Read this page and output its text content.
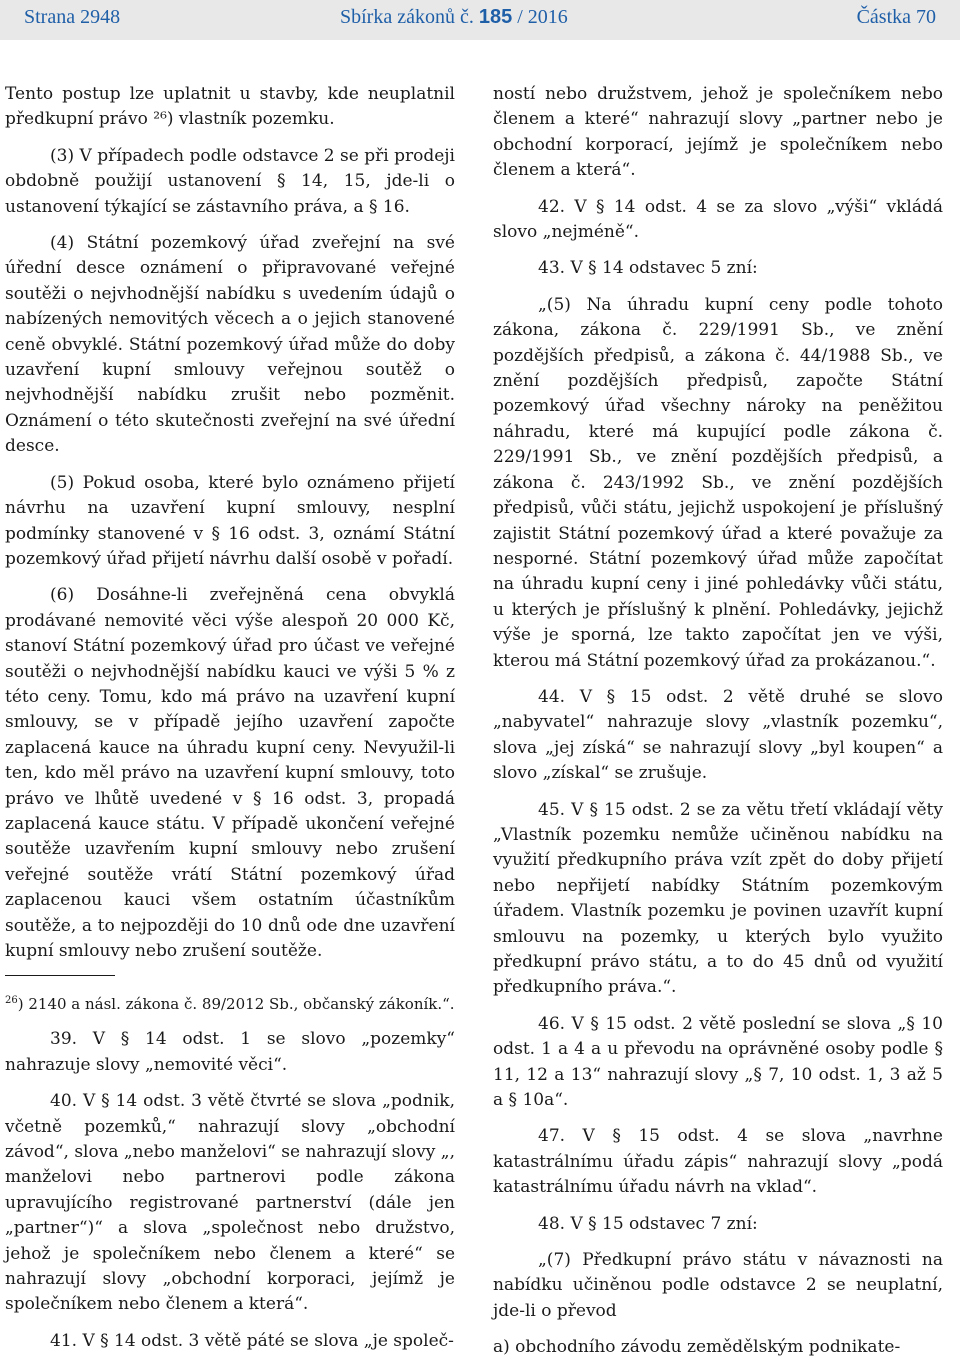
Strana 2948	Sbírka zákonů č. 185 / 2016	Částka 70

Tento postup lze uplatnit u stavby, kde neuplatnil předkupní právo ²⁶) vlastník pozemku.

(3) V případech podle odstavce 2 se při prodeji obdobně použijí ustanovení § 14, 15, jde-li o ustanovení týkající se zástavního práva, a § 16.

(4) Státní pozemkový úřad zveřejní na své úřední desce oznámení o připravované veřejné soutěži o nejvhodnější nabídku s uvedením údajů o nabízených nemovitých věcech a o jejich stanovené ceně obvyklé. Státní pozemkový úřad může do doby uzavření kupní smlouvy veřejnou soutěž o nejvhodnější nabídku zrušit nebo pozměnit. Oznámení o této skutečnosti zveřejní na své úřední desce.

(5) Pokud osoba, které bylo oznámeno přijetí návrhu na uzavření kupní smlouvy, nesplní podmínky stanovené v § 16 odst. 3, oznámí Státní pozemkový úřad přijetí návrhu další osobě v pořadí.

(6) Dosáhne-li zveřejněná cena obvyklá prodávané nemovité věci výše alespoň 20 000 Kč, stanoví Státní pozemkový úřad pro účast ve veřejné soutěži o nejvhodnější nabídku kauci ve výši 5 % z této ceny. Tomu, kdo má právo na uzavření kupní smlouvy, se v případě jejího uzavření započte zaplacená kauce na úhradu kupní ceny. Nevyužil-li ten, kdo měl právo na uzavření kupní smlouvy, toto právo ve lhůtě uvedené v § 16 odst. 3, propadá zaplacená kauce státu. V případě ukončení veřejné soutěže uzavřením kupní smlouvy nebo zrušení veřejné soutěže vrátí Státní pozemkový úřad zaplacenou kauci všem ostatním účastníkům soutěže, a to nejpozději do 10 dnů ode dne uzavření kupní smlouvy nebo zrušení soutěže.

$^{26}$) 2140 a násl. zákona č. 89/2012 Sb., občanský zákoník.“.

39. V § 14 odst. 1 se slovo „pozemky“ nahrazuje slovy „nemovité věci“.

40. V § 14 odst. 3 větě čtvrté se slova „podnik, včetně pozemků,“ nahrazují slovy „obchodní závod“, slova „nebo manželovi“ se nahrazují slovy „, manželovi nebo partnerovi podle zákona upravujícího registrované partnerství (dále jen „partner“)“ a slova „společnost nebo družstvo, jehož je společníkem nebo členem a které“ se nahrazují slovy „obchodní korporaci, jejímž je společníkem nebo členem a která“.

41. V § 14 odst. 3 větě páté se slova „je společ-

ností nebo družstvem, jehož je společníkem nebo členem a které“ nahrazují slovy „partner nebo je obchodní korporací, jejímž je společníkem nebo členem a která“.

42. V § 14 odst. 4 se za slovo „výši“ vkládá slovo „nejméně“.

43. V § 14 odstavec 5 zní:

„(5) Na úhradu kupní ceny podle tohoto zákona, zákona č. 229/1991 Sb., ve znění pozdějších předpisů, a zákona č. 44/1988 Sb., ve znění pozdějších předpisů, započte Státní pozemkový úřad všechny nároky na peněžitou náhradu, které má kupující podle zákona č. 229/1991 Sb., ve znění pozdějších předpisů, a zákona č. 243/1992 Sb., ve znění pozdějších předpisů, vůči státu, jejichž uspokojení je příslušný zajistit Státní pozemkový úřad a které považuje za nesporné. Státní pozemkový úřad může započítat na úhradu kupní ceny i jiné pohledávky vůči státu, u kterých je příslušný k plnění. Pohledávky, jejichž výše je sporná, lze takto započítat jen ve výši, kterou má Státní pozemkový úřad za prokázanou.“.

44. V § 15 odst. 2 větě druhé se slovo „nabyvatel“ nahrazuje slovy „vlastník pozemku“, slova „jej získá“ se nahrazují slovy „byl koupen“ a slovo „získal“ se zrušuje.

45. V § 15 odst. 2 se za větu třetí vkládají věty „Vlastník pozemku nemůže učiněnou nabídku na využití předkupního práva vzít zpět do doby přijetí nebo nepřijetí nabídky Státním pozemkovým úřadem. Vlastník pozemku je povinen uzavřít kupní smlouvu na pozemky, u kterých bylo využito předkupní právo státu, a to do 45 dnů od využití předkupního práva.“.

46. V § 15 odst. 2 větě poslední se slova „§ 10 odst. 1 a 4 a u převodu na oprávněné osoby podle § 11, 12 a 13“ nahrazují slovy „§ 7, 10 odst. 1, 3 až 5 a § 10a“.

47. V § 15 odst. 4 se slova „navrhne katastrálnímu úřadu zápis“ nahrazují slovy „podá katastrálnímu úřadu návrh na vklad“.

48. V § 15 odstavec 7 zní:

„(7) Předkupní právo státu v návaznosti na nabídku učiněnou podle odstavce 2 se neuplatní, jde-li o převod

a) obchodního závodu zemědělským podnikate-
